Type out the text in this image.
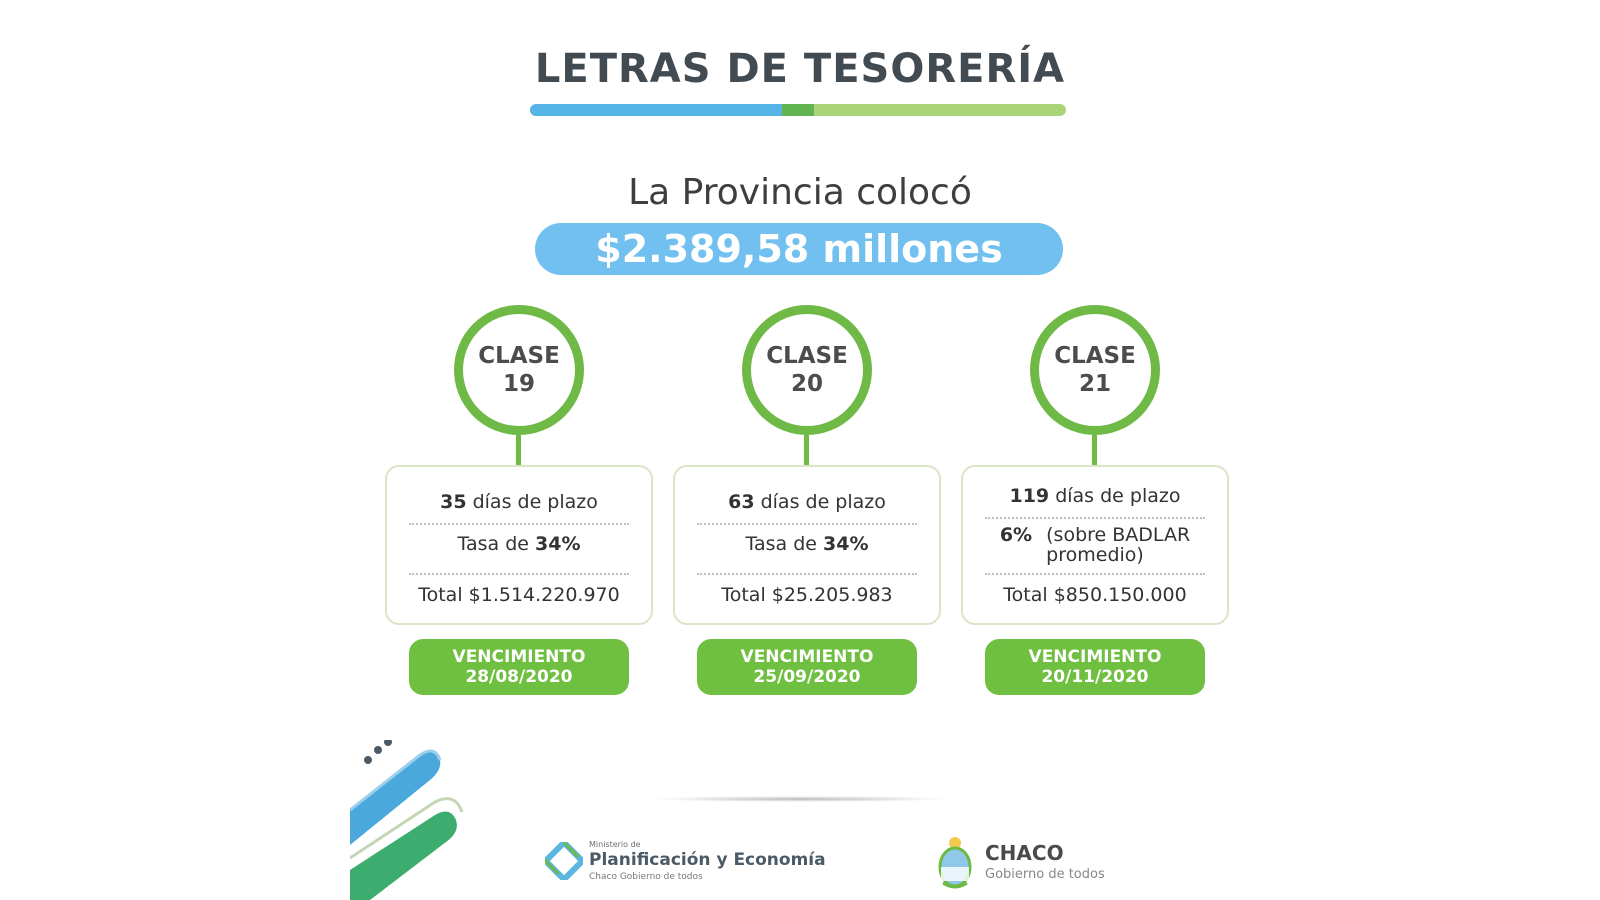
LETRAS DE TESORERÍA
La Provincia colocó
$2.389,58 millones
CLASE
19
35 días de plazo
Tasa de 34%
Total $1.514.220.970
VENCIMIENTO
28/08/2020
CLASE
20
63 días de plazo
Tasa de 34%
Total $25.205.983
VENCIMIENTO
25/09/2020
CLASE
21
119 días de plazo
6% (sobre BADLAR
promedio)
Total $850.150.000
VENCIMIENTO
20/11/2020
Ministerio de
Planificación y Economía
Chaco Gobierno de todos
CHACO
Gobierno de todos
